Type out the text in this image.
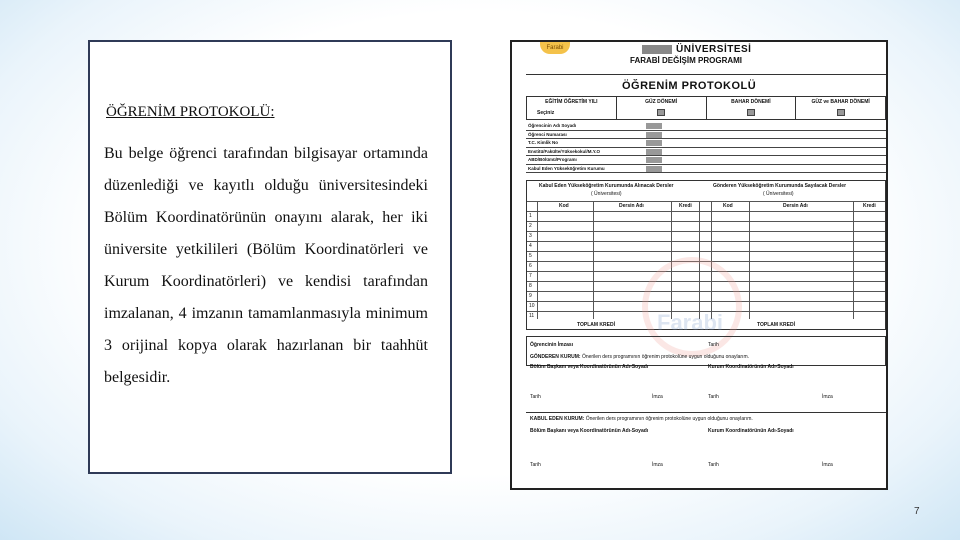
ÖĞRENİM PROTOKOLÜ:
Bu belge öğrenci tarafından bilgisayar ortamında düzenlediği ve kayıtlı olduğu üniversitesindeki Bölüm Koordinatörünün onayını alarak, her iki üniversite yetkilileri (Bölüm Koordinatörleri ve Kurum Koordinatörleri) ve kendisi tarafından imzalanan, 4 imzanın tamamlanmasıyla minimum 3 orijinal kopya olarak hazırlanan bir taahhüt belgesidir.
Farabi	ÜNİVERSİTESİ
FARABİ DEĞİŞİM PROGRAMI
ÖĞRENİM PROTOKOLÜ
EĞİTİM ÖĞRETİM YILI
Seçiniz
GÜZ DÖNEMİ	BAHAR DÖNEMİ	GÜZ ve BAHAR DÖNEMİ
Öğrencinin Adı Soyadı
Öğrenci Numarası
T.C. Kimlik No
Enstitü/Fakülte/Yüksekokul/M.Y.O
ABD/Bölümü/Programı
Kabul Eden Yükseköğretim Kurumu
Kabul Eden Yükseköğretim Kurumunda Alınacak Dersler	Gönderen Yükseköğretim Kurumunda Sayılacak Dersler
( Üniversitesi)	( Üniversitesi)
Kod	Dersin Adı	Kredi	Kod	Dersin Adı	Kredi
1
2
3
4
5
6
7
8
9
10
11
TOPLAM KREDİ	TOPLAM KREDİ
Farabi
Öğrencinin İmzası	Tarih
GÖNDEREN KURUM: Önerilen ders programının öğrenim protokolüne uygun olduğunu onaylarım.
Bölüm Başkanı veya Koordinatörünün Adı-Soyadı	Kurum Koordinatörünün Adı-Soyadı
Tarih	İmza	Tarih	İmza
KABUL EDEN KURUM: Önerilen ders programının öğrenim protokolüne uygun olduğunu onaylarım.
Bölüm Başkanı veya Koordinatörünün Adı-Soyadı	Kurum Koordinatörünün Adı-Soyadı
Tarih	İmza	Tarih	İmza
7
